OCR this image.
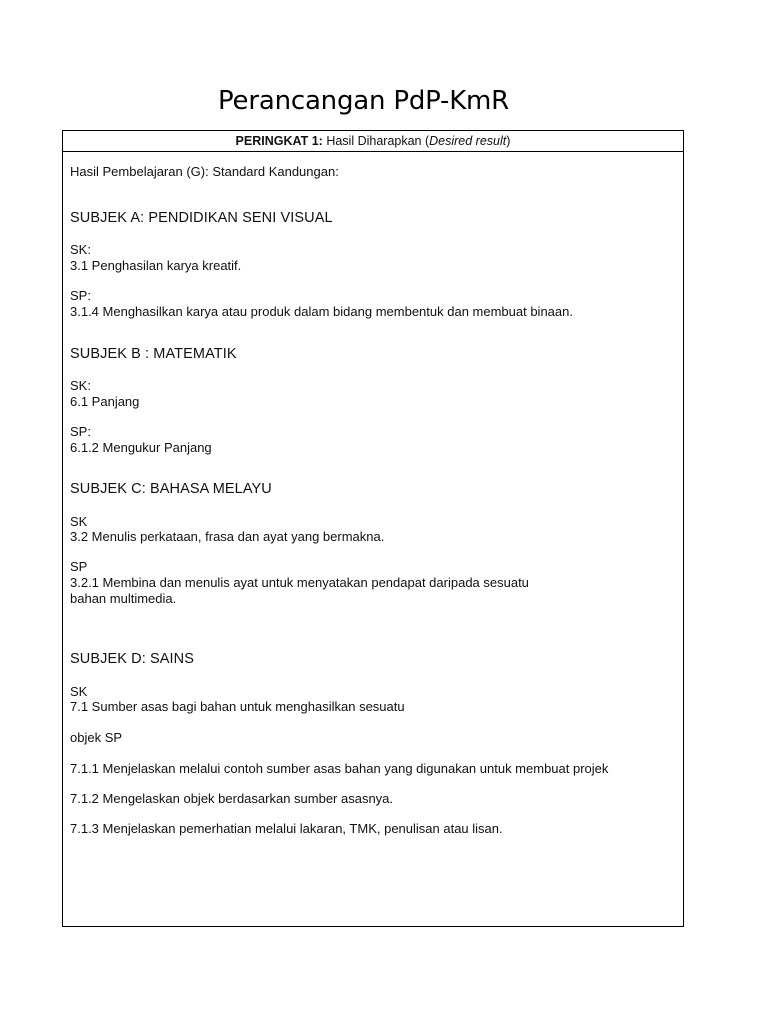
Perancangan PdP-KmR
PERINGKAT 1: Hasil Diharapkan (Desired result)
Hasil Pembelajaran (G): Standard Kandungan:
SUBJEK A: PENDIDIKAN SENI VISUAL
SK:
3.1 Penghasilan karya kreatif.
SP:
3.1.4 Menghasilkan karya atau produk dalam bidang membentuk dan membuat binaan.
SUBJEK B : MATEMATIK
SK:
6.1 Panjang
SP:
6.1.2 Mengukur Panjang
SUBJEK C: BAHASA MELAYU
SK
3.2 Menulis perkataan, frasa dan ayat yang bermakna.
SP
3.2.1 Membina dan menulis ayat untuk menyatakan pendapat daripada sesuatu
bahan multimedia.
SUBJEK D: SAINS
SK
7.1 Sumber asas bagi bahan untuk menghasilkan sesuatu
objek SP
7.1.1 Menjelaskan melalui contoh sumber asas bahan yang digunakan untuk membuat projek
7.1.2 Mengelaskan objek berdasarkan sumber asasnya.
7.1.3 Menjelaskan pemerhatian melalui lakaran, TMK, penulisan atau lisan.
